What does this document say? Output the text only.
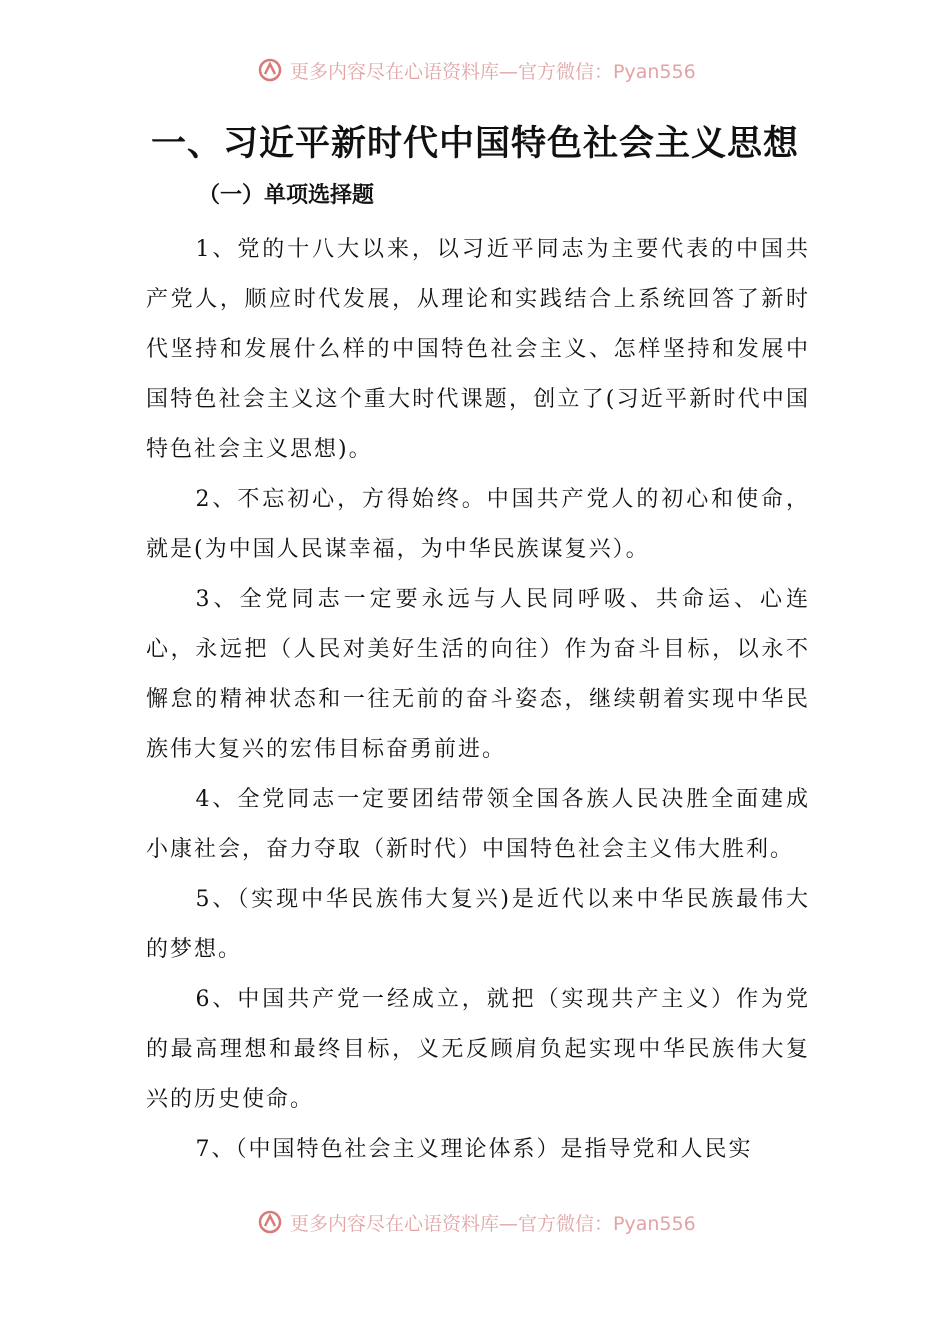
更多内容尽在心语资料库—官方微信：Pyan556
一、习近平新时代中国特色社会主义思想
（一）单项选择题

1、党的十八大以来，以习近平同志为主要代表的中国共产党人，顺应时代发展，从理论和实践结合上系统回答了新时代坚持和发展什么样的中国特色社会主义、怎样坚持和发展中国特色社会主义这个重大时代课题，创立了(习近平新时代中国特色社会主义思想)。

2、不忘初心，方得始终。中国共产党人的初心和使命，就是(为中国人民谋幸福，为中华民族谋复兴）。

3、全党同志一定要永远与人民同呼吸、共命运、心连心，永远把（人民对美好生活的向往）作为奋斗目标，以永不懈怠的精神状态和一往无前的奋斗姿态，继续朝着实现中华民族伟大复兴的宏伟目标奋勇前进。

4、全党同志一定要团结带领全国各族人民决胜全面建成小康社会，奋力夺取（新时代）中国特色社会主义伟大胜利。

5、（实现中华民族伟大复兴)是近代以来中华民族最伟大的梦想。

6、中国共产党一经成立，就把（实现共产主义）作为党的最高理想和最终目标，义无反顾肩负起实现中华民族伟大复兴的历史使命。

7、（中国特色社会主义理论体系）是指导党和人民实

更多内容尽在心语资料库—官方微信：Pyan556
